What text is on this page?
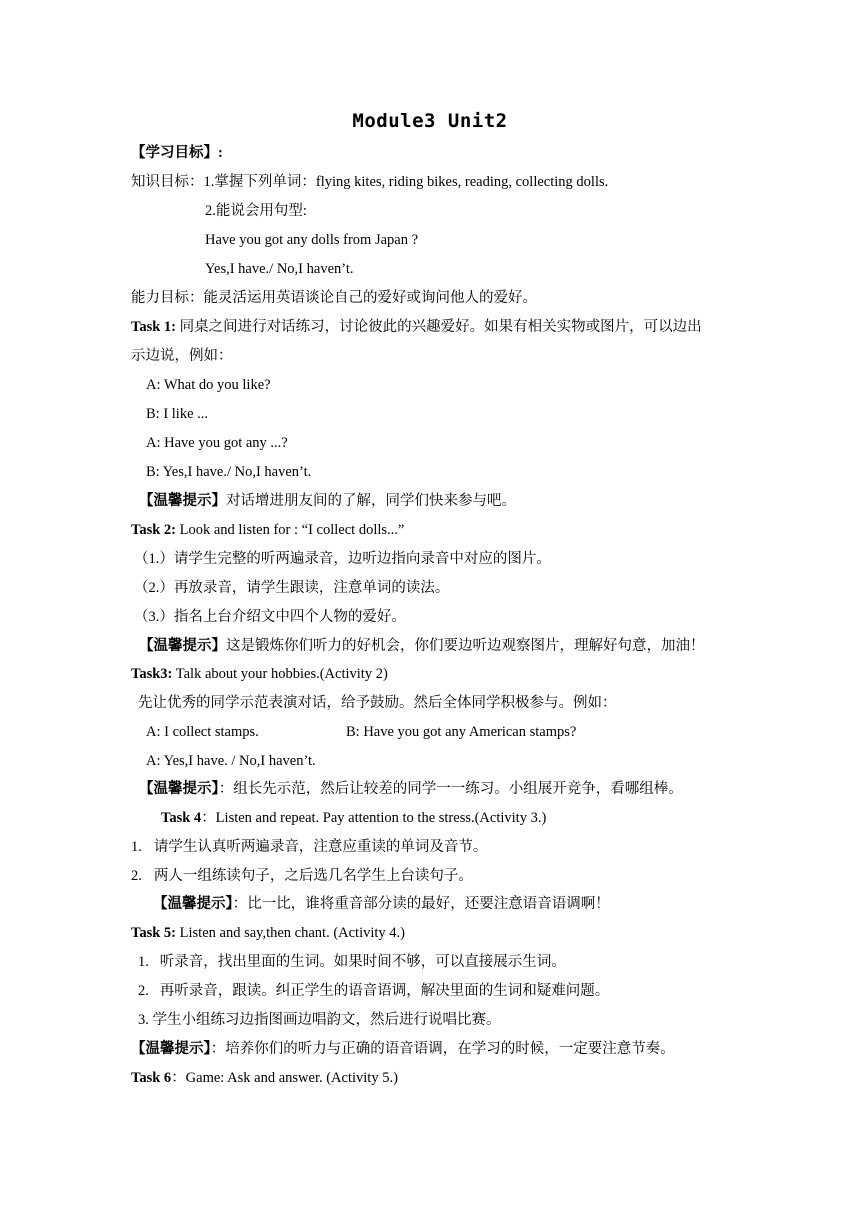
Module3 Unit2
【学习目标】:
知识目标：1.掌握下列单词：flying kites, riding bikes, reading, collecting dolls.
2.能说会用句型:
Have you got any dolls from Japan ?
Yes,I have./ No,I haven’t.
能力目标：能灵活运用英语谈论自己的爱好或询问他人的爱好。
Task 1: 同桌之间进行对话练习，讨论彼此的兴趣爱好。如果有相关实物或图片，可以边出
示边说，例如：
A: What do you like?
B: I like ...
A: Have you got any ...?
B: Yes,I have./ No,I haven’t.
【温馨提示】对话增进朋友间的了解，同学们快来参与吧。
Task 2: Look and listen for : “I collect dolls...”
（1.）请学生完整的听两遍录音，边听边指向录音中对应的图片。
（2.）再放录音，请学生跟读，注意单词的读法。
（3.）指名上台介绍文中四个人物的爱好。
【温馨提示】这是锻炼你们听力的好机会，你们要边听边观察图片，理解好句意，加油！
Task3: Talk about your hobbies.(Activity 2)
先让优秀的同学示范表演对话，给予鼓励。然后全体同学积极参与。例如：
A: I collect stamps.	B: Have you got any American stamps?
A: Yes,I have. / No,I haven’t.
【温馨提示】：组长先示范，然后让较差的同学一一练习。小组展开竞争，看哪组棒。
Task 4：Listen and repeat. Pay attention to the stress.(Activity 3.)
1. 请学生认真听两遍录音，注意应重读的单词及音节。
2. 两人一组练读句子，之后选几名学生上台读句子。
【温馨提示】：比一比，谁将重音部分读的最好，还要注意语音语调啊！
Task 5: Listen and say,then chant. (Activity 4.)
1.   听录音，找出里面的生词。如果时间不够，可以直接展示生词。
2.   再听录音，跟读。纠正学生的语音语调，解决里面的生词和疑难问题。
3. 学生小组练习边指图画边唱韵文，然后进行说唱比赛。
【温馨提示】：培养你们的听力与正确的语音语调，在学习的时候，一定要注意节奏。
Task 6：Game: Ask and answer. (Activity 5.)
